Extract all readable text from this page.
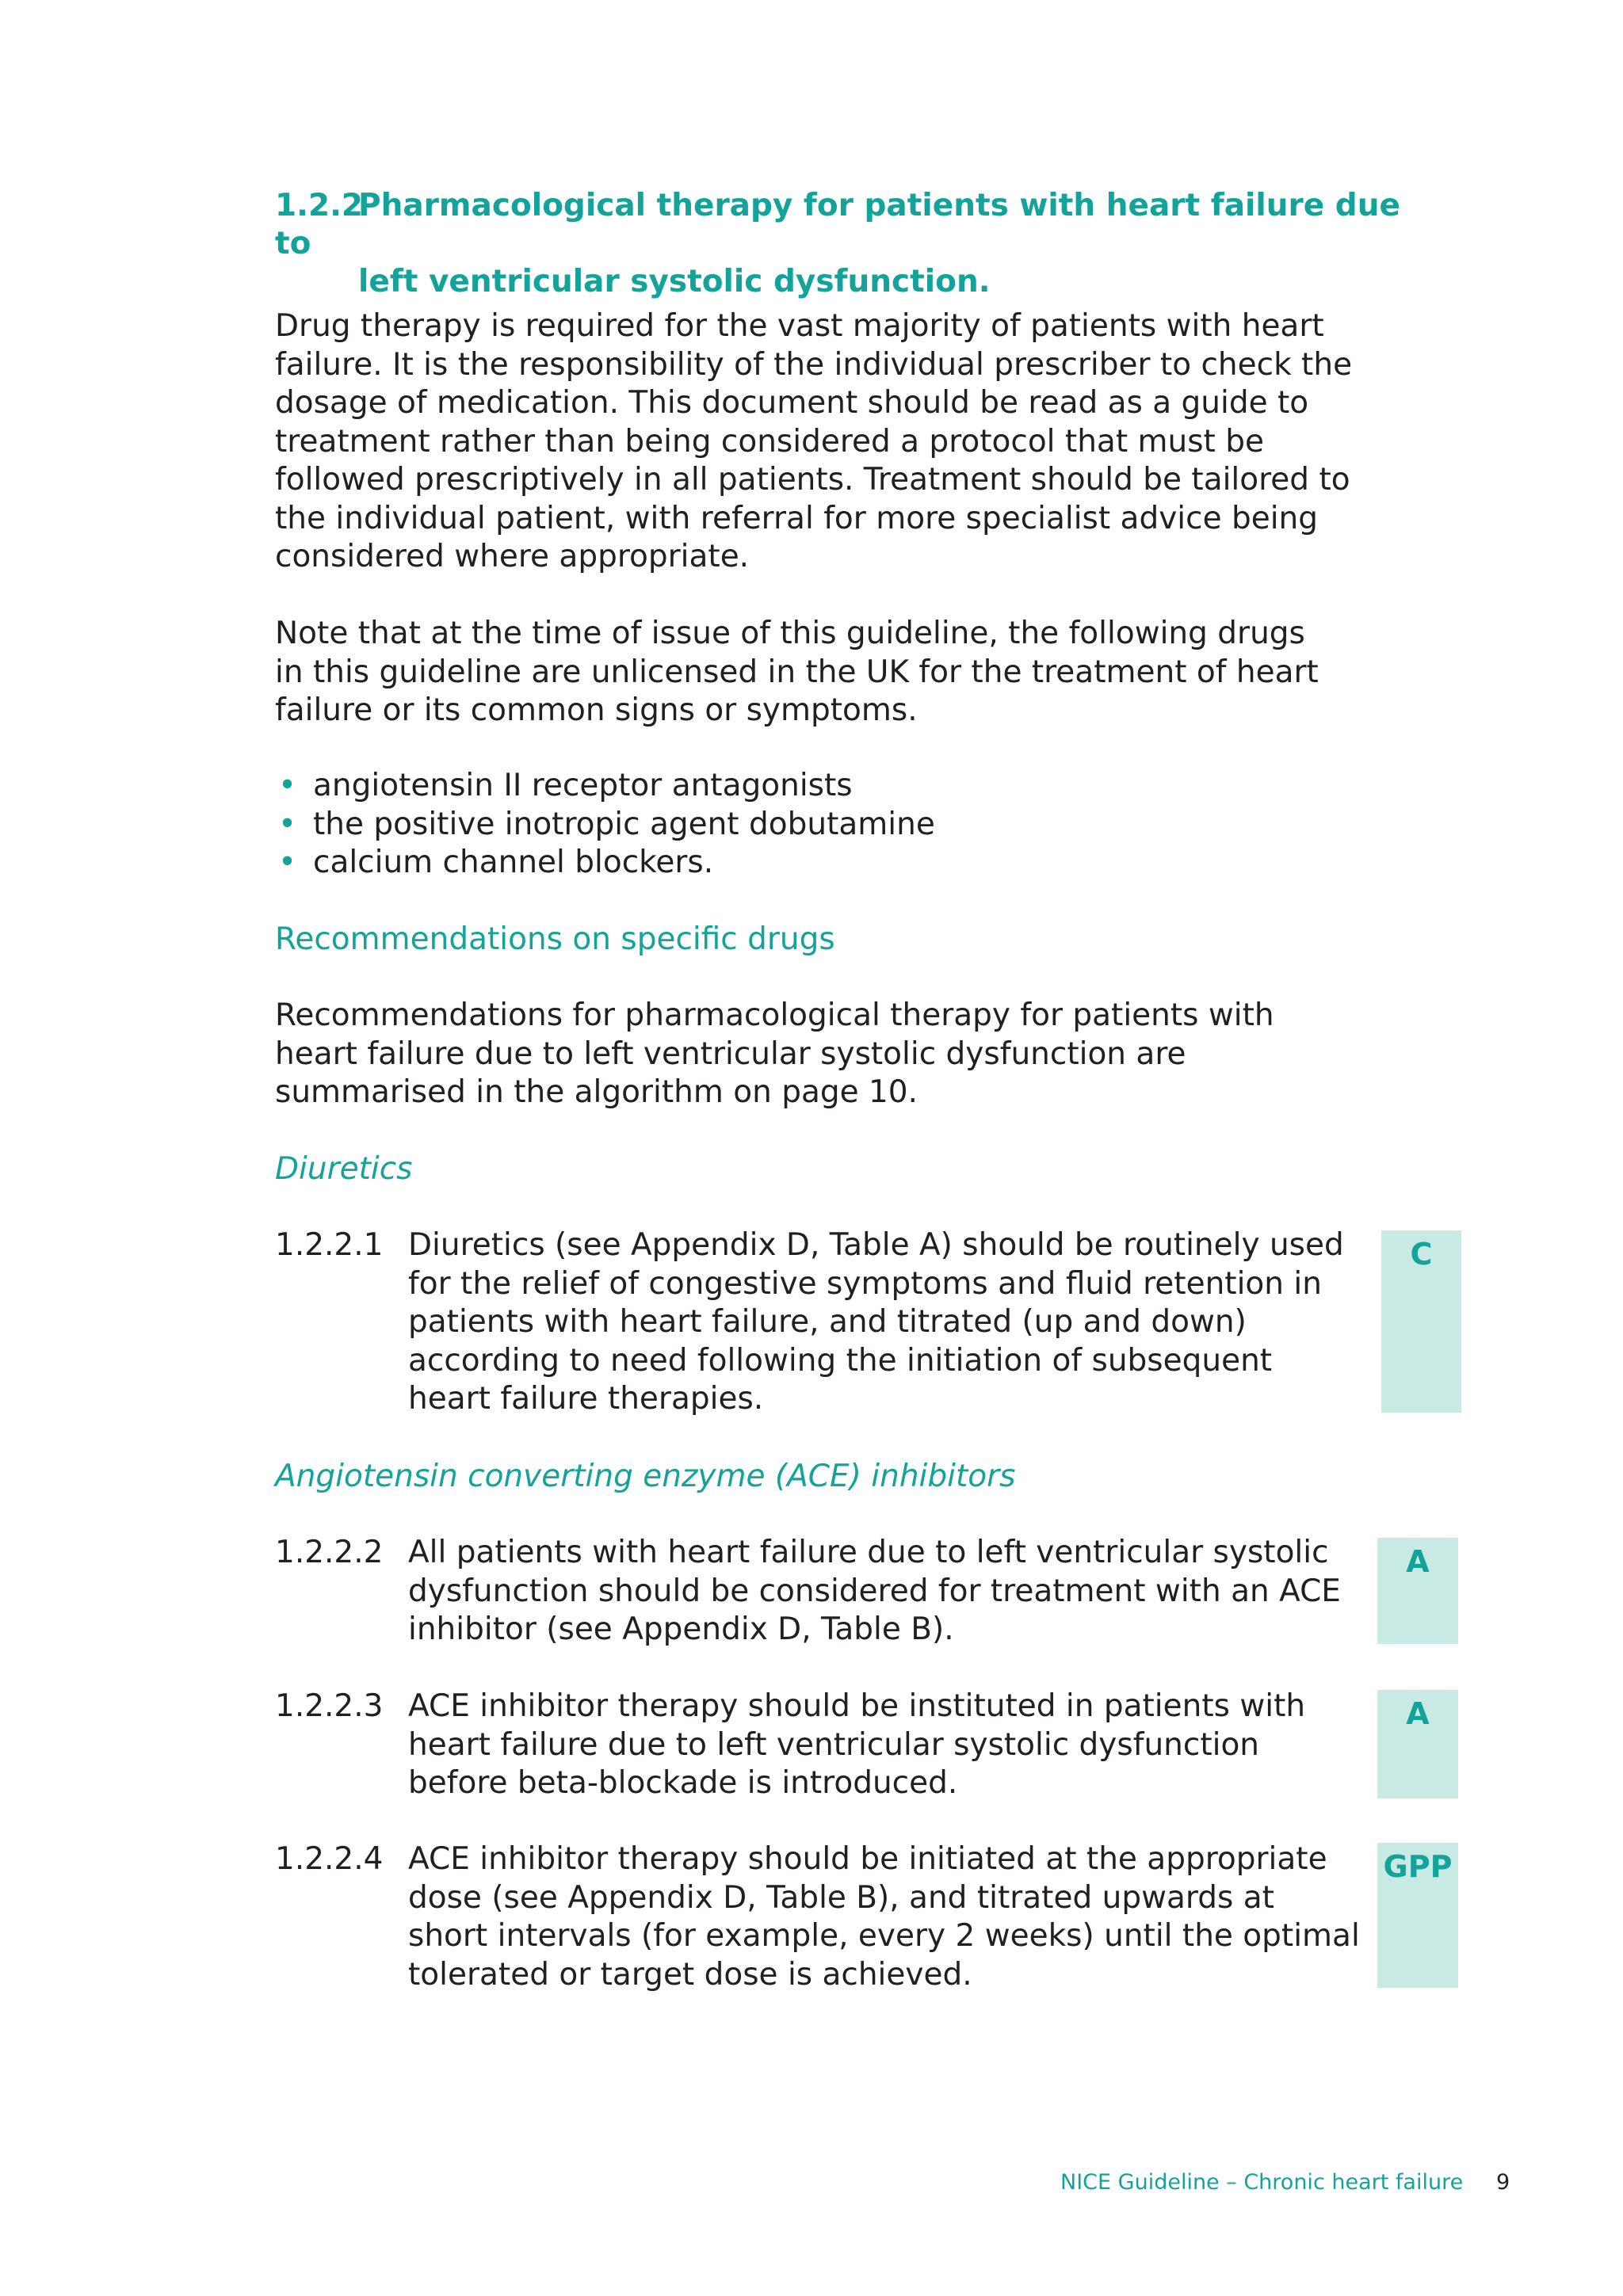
1.2.2Pharmacological therapy for patients with heart failure due to
left ventricular systolic dysfunction.

Drug therapy is required for the vast majority of patients with heart
failure. It is the responsibility of the individual prescriber to check the
dosage of medication. This document should be read as a guide to
treatment rather than being considered a protocol that must be
followed prescriptively in all patients. Treatment should be tailored to
the individual patient, with referral for more specialist advice being
considered where appropriate.

Note that at the time of issue of this guideline, the following drugs
in this guideline are unlicensed in the UK for the treatment of heart
failure or its common signs or symptoms.

• angiotensin II receptor antagonists
• the positive inotropic agent dobutamine
• calcium channel blockers.
Recommendations on specific drugs

Recommendations for pharmacological therapy for patients with
heart failure due to left ventricular systolic dysfunction are
summarised in the algorithm on page 10.

Diuretics
1.2.2.1 Diuretics (see Appendix D, Table A) should be routinely used
for the relief of congestive symptoms and fluid retention in
patients with heart failure, and titrated (up and down)
according to need following the initiation of subsequent
heart failure therapies.
C
Angiotensin converting enzyme (ACE) inhibitors
1.2.2.2 All patients with heart failure due to left ventricular systolic
dysfunction should be considered for treatment with an ACE
inhibitor (see Appendix D, Table B).
A
1.2.2.3 ACE inhibitor therapy should be instituted in patients with
heart failure due to left ventricular systolic dysfunction
before beta-blockade is introduced.
A
1.2.2.4 ACE inhibitor therapy should be initiated at the appropriate
dose (see Appendix D, Table B), and titrated upwards at
short intervals (for example, every 2 weeks) until the optimal
tolerated or target dose is achieved.
GPP
NICE Guideline – Chronic heart failure 9
